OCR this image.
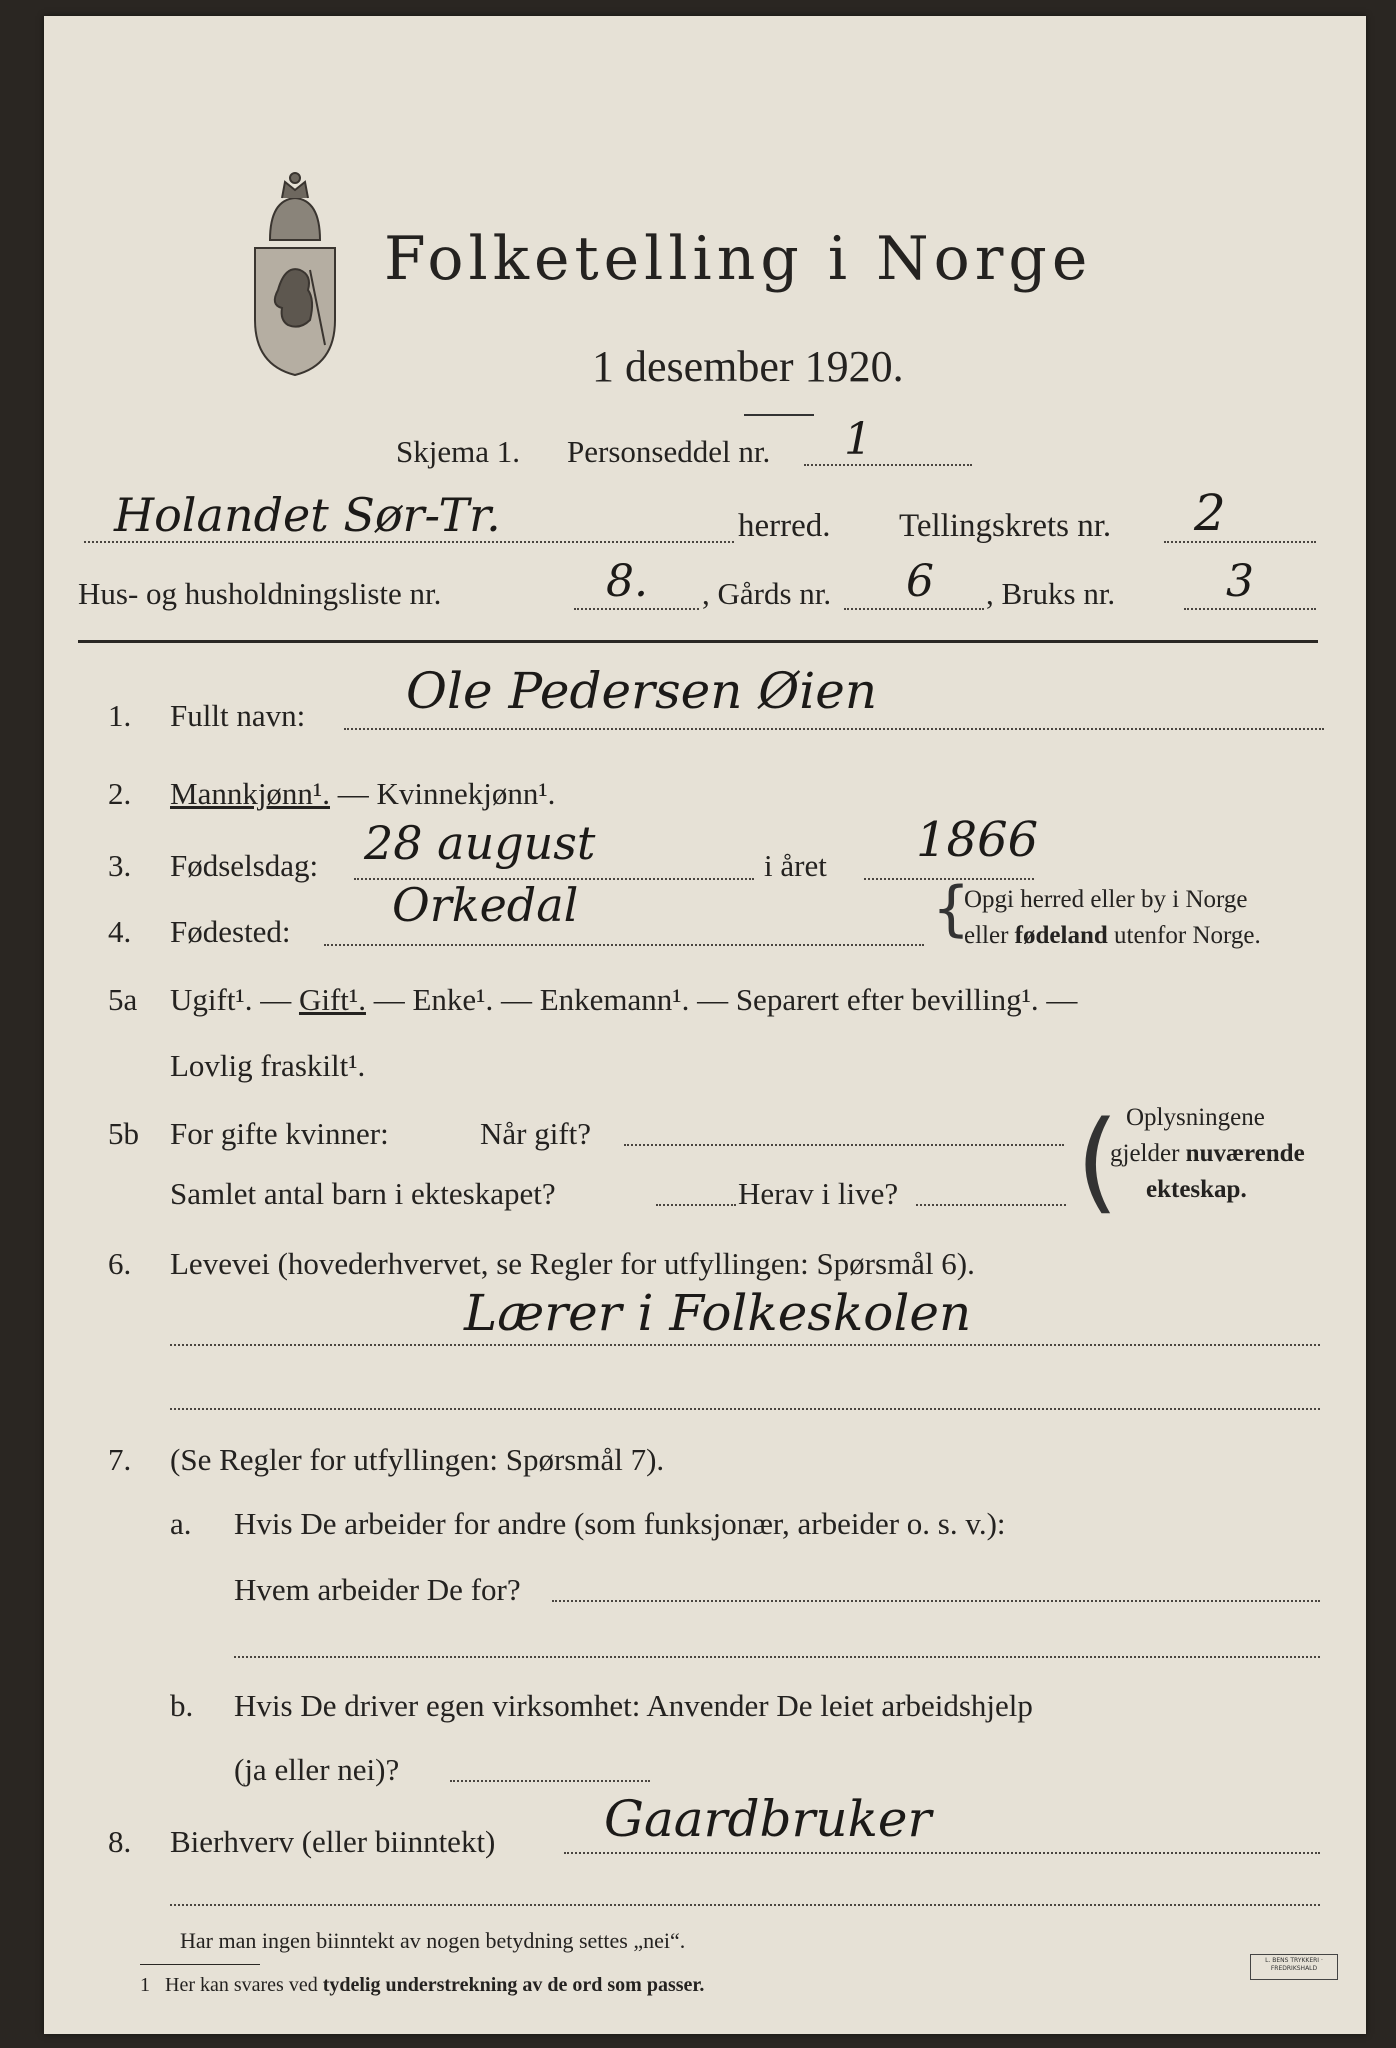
Folketelling i Norge
1 desember 1920.
Skjema 1. Personseddel nr. 1
Holandet Sør-Tr.	herred. Tellingskrets nr. 2
Hus- og husholdningsliste nr.	8. , Gårds nr. 6 , Bruks nr.	3
1. Fullt navn: Ole Pedersen Øien
2. Mannkjønn¹. — Kvinnekjønn¹.
3. Fødselsdag: 28 august	i året 1866
4. Fødested: Orkedal	{
Opgi herred eller by i Norge
eller fødeland utenfor Norge.
5a Ugift¹. — Gift¹. — Enke¹. — Enkemann¹. — Separert efter bevilling¹. —
Lovlig fraskilt¹.
5b For gifte kvinner:	Når gift?
Samlet antal barn i ekteskapet?	Herav i live? ( Oplysningene
gjelder nuværende
ekteskap.
6. Levevei (hovederhvervet, se Regler for utfyllingen: Spørsmål 6).
Lærer i Folkeskolen
7. (Se Regler for utfyllingen: Spørsmål 7).
a. Hvis De arbeider for andre (som funksjonær, arbeider o. s. v.):
Hvem arbeider De for?
b. Hvis De driver egen virksomhet: Anvender De leiet arbeidshjelp
(ja eller nei)?
8. Bierhverv (eller biinntekt) Gaardbruker
Har man ingen biinntekt av nogen betydning settes „nei“.
1 Her kan svares ved tydelig understrekning av de ord som passer.
L. BENS TRYKKERI · FREDRIKSHALD
